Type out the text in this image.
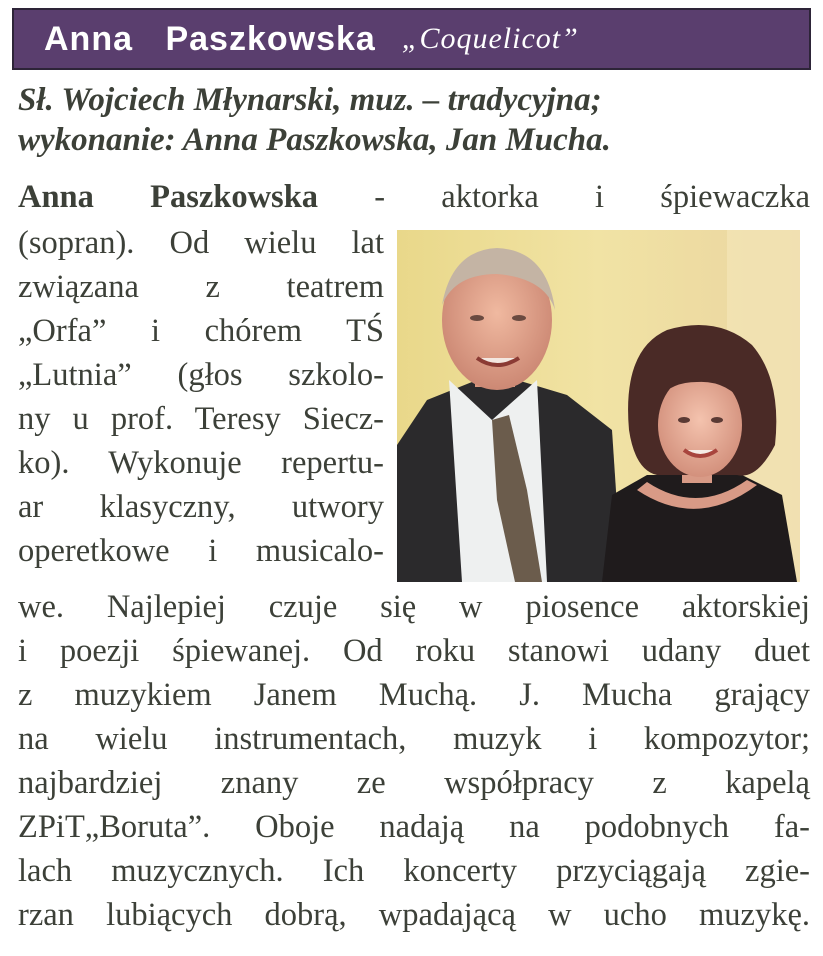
Anna Paszkowska „Coquelicot”
Sł. Wojciech Młynarski, muz. – tradycyjna;
wykonanie: Anna Paszkowska, Jan Mucha.
Anna Paszkowska - aktorka i śpiewaczka
(sopran). Od wielu lat
związana z teatrem
„Orfa” i chórem TŚ
„Lutnia” (głos szkolo-
ny u prof. Teresy Siecz-
ko). Wykonuje repertu-
ar klasyczny, utwory
operetkowe i musicalo-
we. Najlepiej czuje się w piosence aktorskiej
i poezji śpiewanej. Od roku stanowi udany duet
z muzykiem Janem Muchą. J. Mucha grający
na wielu instrumentach, muzyk i kompozytor;
najbardziej znany ze współpracy z kapelą
ZPiT„Boruta”. Oboje nadają na podobnych fa-
lach muzycznych. Ich koncerty przyciągają zgie-
rzan lubiących dobrą, wpadającą w ucho muzykę.
